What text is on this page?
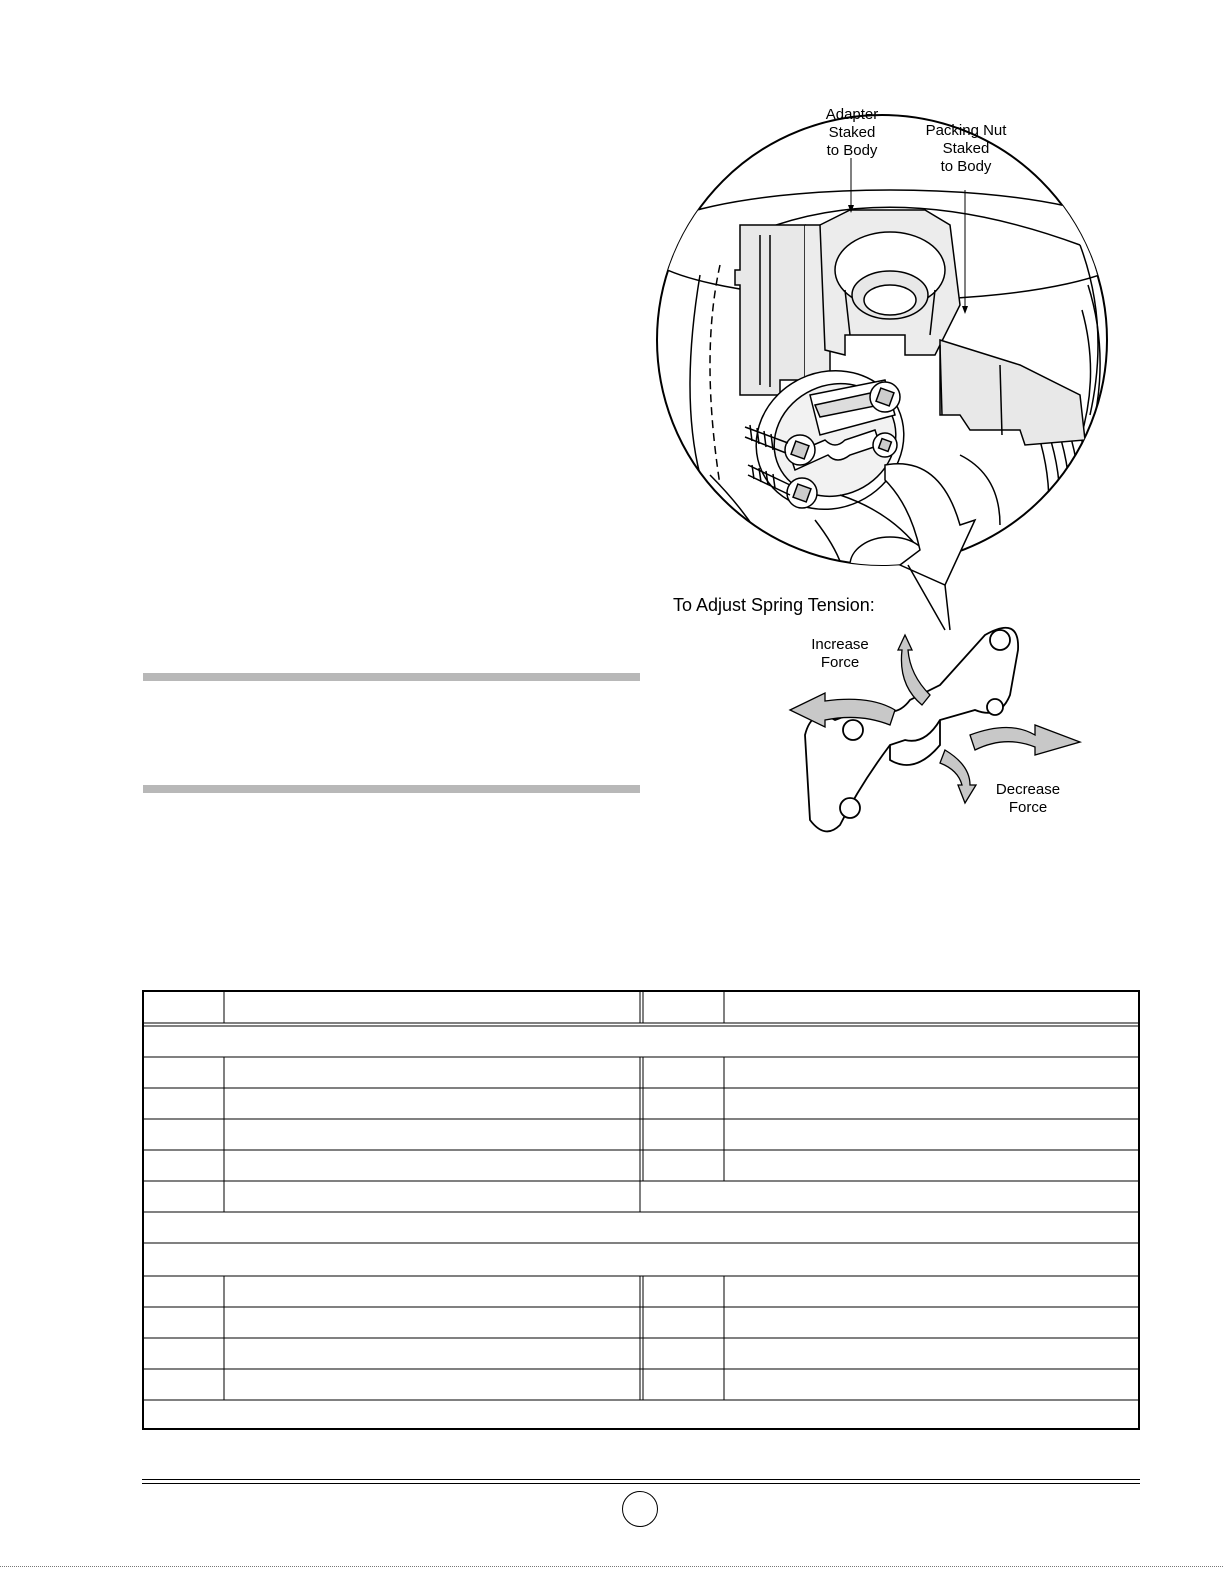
Adapter
Staked
to Body
Packing Nut
Staked
to Body
To Adjust Spring Tension:
Increase
Force
Decrease
Force
